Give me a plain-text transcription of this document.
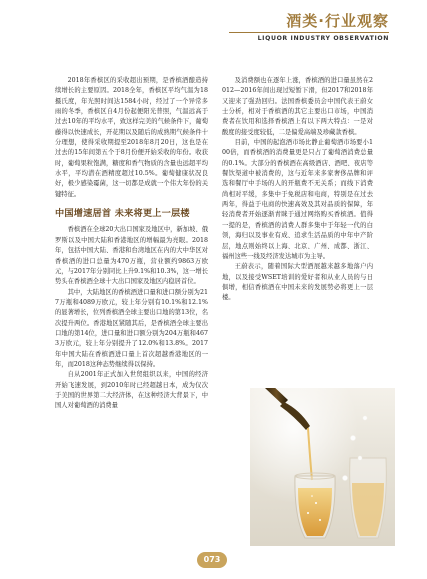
酒类·行业观察
LIQUOR INDUSTRY OBSERVATION

2018年香槟区的采收超出预期，是香槟酒酿造持续增长的主要原因。2018全年，香槟区平均气温为18摄氏度，年光照时间达1584小时，经过了一个异常多雨的冬季，香槟区自4月份起便阳光普照，气温远高于过去10年的平均水平，致这样完美的气候条件下，葡萄藤得以快速成长，开花期以及随后的成熟期气候条件十分理想，使得采收期提至2018年8月20日，这也是在过去的15年间第五个于8月份便开始采收的年份。收获时，葡萄果粒饱满，糖度和香气物质的含量也远超平均水平，平均潜在酒精度超过10.5%。葡萄健康状况良好，极少感染霉菌，这一切都是成就一个伟大年份的关键特征。

中国增速居首 未来将更上一层楼

香槟酒在全球20大出口国家及地区中，新加坡、俄罗斯以及中国大陆和香港地区的增幅最为亮眼。2018年，包括中国大陆、香港和台湾地区在内的大中华区对香槟酒的进口总量为470万瓶，营业额约9863万欧元，与2017年分别同比上升9.1%和10.3%，这一增长势头在香槟酒全球十大出口国家及地区内稳居首位。

其中，大陆地区的香槟酒进口量和进口额分别为217万瓶和4089万欧元，较上年分别有10.1%和12.1%的显著增长，位列香槟酒全球主要出口地的第13位，名次提升两位。香港地区紧随其后，是香槟酒全球主要出口地的第14位，进口量和进口额分别为204万瓶和4673万欧元，较上年分别提升了12.0%和13.8%。2017年中国大陆在香槟酒进口量上首次超越香港地区的一年，而2018这种态势继续得以保持。

自从2001年正式加入世贸组织以来，中国的经济开始飞速发展，到2010年时已经超越日本，成为仅次于美国的世界第二大经济体，在这种经济大背景下，中国人对葡萄酒的消费量

及消费额也在逐年上涨，香槟酒的进口量虽然在2012—2016年间出现过短暂下滑，但2017和2018年又迎来了强劲回归。法国香槟委员会中国代表王蔚女士分析，相对于香槟酒的其它主要出口市场，中国消费者在饮用和选择香槟酒上有以下两大特点：一是对酸度的接受度较低，二是偏爱高端及珍藏款香槟。

目前，中国的起泡酒市场比静止葡萄酒市场要小100倍，而香槟酒的消费量更是只占了葡萄酒消费总量的0.1%。大部分的香槟酒在高级酒店、酒吧、夜店等餐饮渠道中被消费的，这与近年来多家奢侈品牌和评选和餐厅中手场的人的开瓶费不无关系；而线下消费尚相对平缓，多集中于免税店和电商，特别是在过去两年，得益于电商的快速高效及其对品质的保障，年轻消费者开始逐渐青睐于通过网络购买香槟酒。值得一提的是，香槟酒的消费人群多集中于年轻一代的白领，海归以及事业有成、追求生活品质的中年中产阶层，地点则始终以上海、北京、广州、成都、浙江、福州这些一线及经济发达城市为主导。

王蔚表示，随着国际大型酒展越来越多地落户内地，以及接受WSET培训的爱好者和从业人员的与日俱增，相信香槟酒在中国未来的发展势必将更上一层楼。

073
